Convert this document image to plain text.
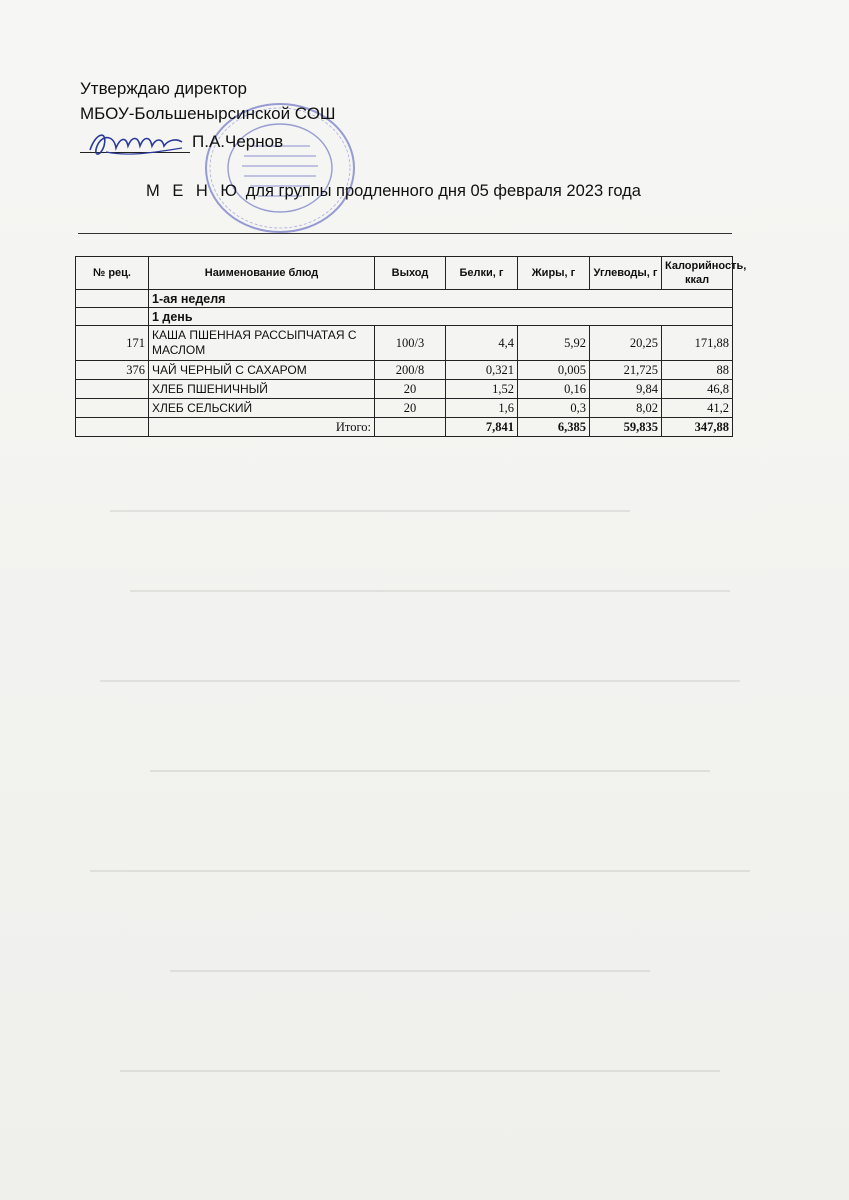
Утверждаю директор
МБОУ-Большенырсинской СОШ
П.А.Чернов
М Е Н Ю для группы продленного дня 05 февраля 2023 года
№ рец.	Наименование блюд	Выход	Белки, г	Жиры, г	Углеводы, г	Калорийность, ккал
	1-ая неделя					
	1 день					
171	КАША ПШЕННАЯ РАССЫПЧАТАЯ С МАСЛОМ	100/3	4,4	5,92	20,25	171,88
376	ЧАЙ ЧЕРНЫЙ С САХАРОМ	200/8	0,321	0,005	21,725	88
	ХЛЕБ ПШЕНИЧНЫЙ	20	1,52	0,16	9,84	46,8
	ХЛЕБ СЕЛЬСКИЙ	20	1,6	0,3	8,02	41,2
	Итого:		7,841	6,385	59,835	347,88
